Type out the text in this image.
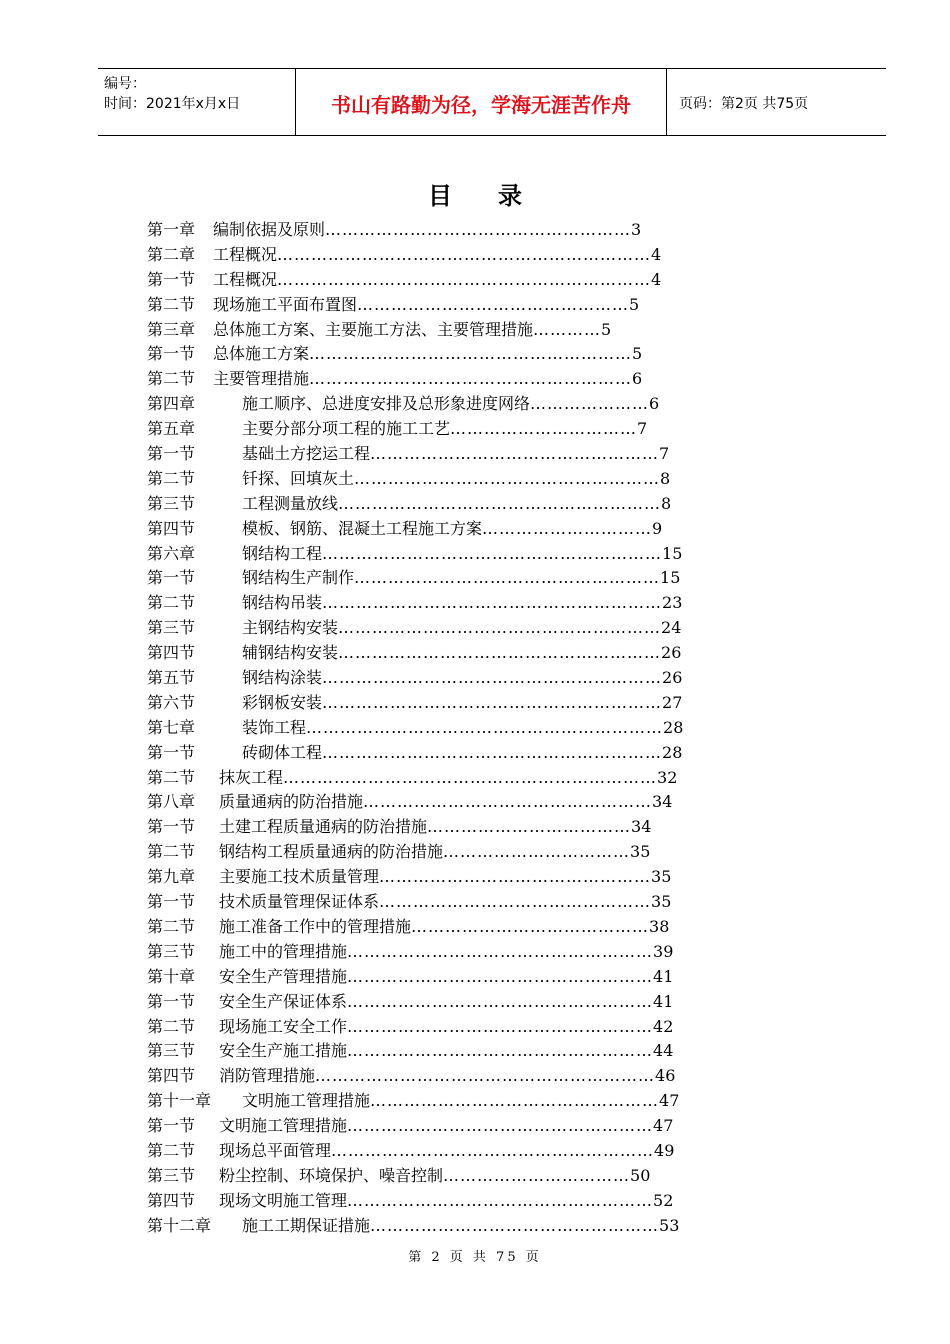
编号：
时间：2021年x月x日	书山有路勤为径，学海无涯苦作舟	页码：第2页 共75页
目录
第一章 编制依据及原则………………………………………………3
第二章 工程概况…………………………………………………………4
第一节 工程概况…………………………………………………………4
第二节 现场施工平面布置图…………………………………………5
第三章 总体施工方案、主要施工方法、主要管理措施…………5
第一节 总体施工方案…………………………………………………5
第二节 主要管理措施…………………………………………………6
第四章	施工顺序、总进度安排及总形象进度网络…………………6
第五章	主要分部分项工程的施工工艺……………………………7
第一节	基础土方挖运工程……………………………………………7
第二节	钎探、回填灰土………………………………………………8
第三节	工程测量放线…………………………………………………8
第四节	模板、钢筋、混凝土工程施工方案…………………………9
第六章	钢结构工程……………………………………………………15
第一节	钢结构生产制作………………………………………………15
第二节	钢结构吊装……………………………………………………23
第三节	主钢结构安装…………………………………………………24
第四节	辅钢结构安装…………………………………………………26
第五节	钢结构涂装……………………………………………………26
第六节	彩钢板安装……………………………………………………27
第七章	装饰工程………………………………………………………28
第一节	砖砌体工程……………………………………………………28
第二节 抹灰工程…………………………………………………………32
第八章 质量通病的防治措施……………………………………………34
第一节 土建工程质量通病的防治措施………………………………34
第二节 钢结构工程质量通病的防治措施……………………………35
第九章 主要施工技术质量管理…………………………………………35
第一节 技术质量管理保证体系…………………………………………35
第二节 施工准备工作中的管理措施……………………………………38
第三节 施工中的管理措施………………………………………………39
第十章 安全生产管理措施………………………………………………41
第一节 安全生产保证体系………………………………………………41
第二节 现场施工安全工作………………………………………………42
第三节 安全生产施工措施………………………………………………44
第四节 消防管理措施……………………………………………………46
第十一章 文明施工管理措施……………………………………………47
第一节 文明施工管理措施………………………………………………47
第二节 现场总平面管理…………………………………………………49
第三节 粉尘控制、环境保护、噪音控制……………………………50
第四节 现场文明施工管理………………………………………………52
第十二章 施工工期保证措施……………………………………………53
第 2 页 共 75 页
